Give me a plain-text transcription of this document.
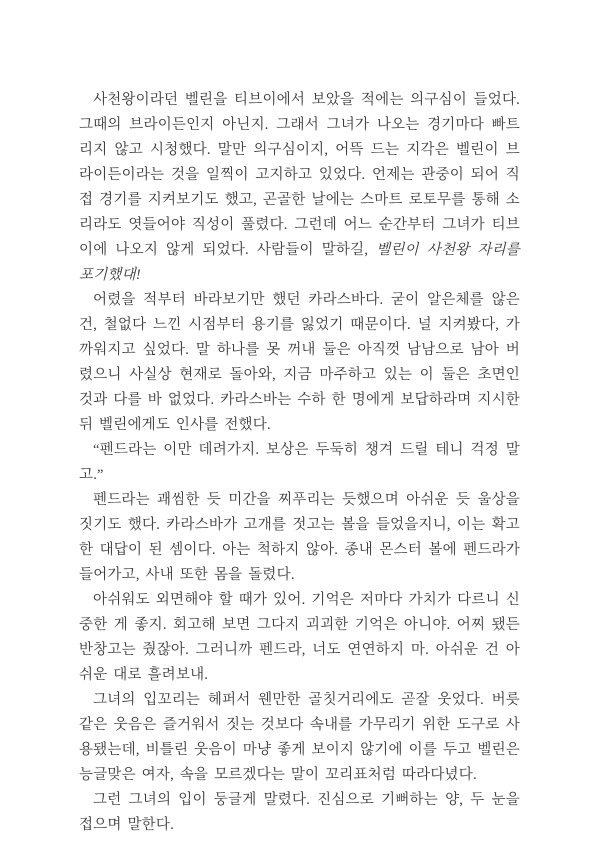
사천왕이라던 벨린을 티브이에서 보았을 적에는 의구심이 들었다. 그때의 브라이든인지 아닌지. 그래서 그녀가 나오는 경기마다 빠트리지 않고 시청했다. 말만 의구심이지, 어뜩 드는 지각은 벨린이 브라이든이라는 것을 일찍이 고지하고 있었다. 언제는 관중이 되어 직접 경기를 지켜보기도 했고, 곤골한 날에는 스마트 로토무를 통해 소리라도 엿들어야 직성이 풀렸다. 그런데 어느 순간부터 그녀가 티브이에 나오지 않게 되었다. 사람들이 말하길, 벨린이 사천왕 자리를 포기했대!

어렸을 적부터 바라보기만 했던 카라스바다. 굳이 알은체를 않은 건, 철없다 느낀 시점부터 용기를 잃었기 때문이다. 널 지켜봤다, 가까워지고 싶었다. 말 하나를 못 꺼내 둘은 아직껏 남남으로 남아 버렸으니 사실상 현재로 돌아와, 지금 마주하고 있는 이 둘은 초면인 것과 다를 바 없었다. 카라스바는 수하 한 명에게 보답하라며 지시한 뒤 벨린에게도 인사를 전했다.

“펜드라는 이만 데려가지. 보상은 두둑히 챙겨 드릴 테니 걱정 말고.”

펜드라는 괘씸한 듯 미간을 찌푸리는 듯했으며 아쉬운 듯 울상을 짓기도 했다. 카라스바가 고개를 젓고는 볼을 들었을지니, 이는 확고한 대답이 된 셈이다. 아는 척하지 않아. 종내 몬스터 볼에 펜드라가 들어가고, 사내 또한 몸을 돌렸다.

아쉬워도 외면해야 할 때가 있어. 기억은 저마다 가치가 다르니 신중한 게 좋지. 회고해 보면 그다지 괴괴한 기억은 아니야. 어찌 됐든 반창고는 줬잖아. 그러니까 펜드라, 너도 연연하지 마. 아쉬운 건 아쉬운 대로 흘려보내.

그녀의 입꼬리는 헤퍼서 웬만한 골칫거리에도 곧잘 웃었다. 버릇 같은 웃음은 즐거워서 짓는 것보다 속내를 가무리기 위한 도구로 사용됐는데, 비틀린 웃음이 마냥 좋게 보이지 않기에 이를 두고 벨린은 능글맞은 여자, 속을 모르겠다는 말이 꼬리표처럼 따라다녔다.

그런 그녀의 입이 둥글게 말렸다. 진심으로 기뻐하는 양, 두 눈을 접으며 말한다.
